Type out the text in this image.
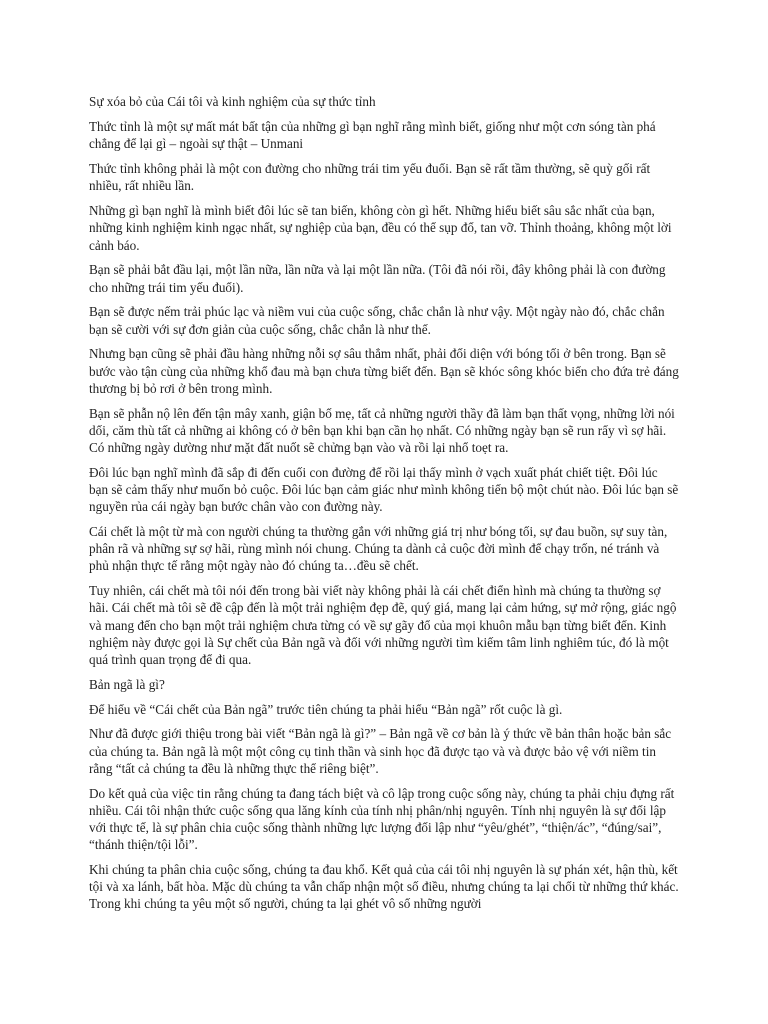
Sự xóa bỏ của Cái tôi và kinh nghiệm của sự thức tỉnh

Thức tỉnh là một sự mất mát bất tận của những gì bạn nghĩ rằng mình biết, giống như một cơn sóng tàn phá chẳng để lại gì – ngoài sự thật – Unmani

Thức tỉnh không phải là một con đường cho những trái tim yếu đuối. Bạn sẽ rất tầm thường, sẽ quỳ gối rất nhiều, rất nhiều lần.

Những gì bạn nghĩ là mình biết đôi lúc sẽ tan biến, không còn gì hết. Những hiểu biết sâu sắc nhất của bạn, những kinh nghiệm kinh ngạc nhất, sự nghiệp của bạn, đều có thể sụp đổ, tan vỡ. Thỉnh thoảng, không một lời cảnh báo.

Bạn sẽ phải bắt đầu lại, một lần nữa, lần nữa và lại một lần nữa. (Tôi đã nói rồi, đây không phải là con đường cho những trái tim yếu đuối).

Bạn sẽ được nếm trải phúc lạc và niềm vui của cuộc sống, chắc chắn là như vậy. Một ngày nào đó, chắc chắn bạn sẽ cười với sự đơn giản của cuộc sống, chắc chắn là như thế.

Nhưng bạn cũng sẽ phải đầu hàng những nỗi sợ sâu thẳm nhất, phải đối diện với bóng tối ở bên trong. Bạn sẽ bước vào tận cùng của những khổ đau mà bạn chưa từng biết đến. Bạn sẽ khóc sông khóc biển cho đứa trẻ đáng thương bị bỏ rơi ở bên trong mình.

Bạn sẽ phẫn nộ lên đến tận mây xanh, giận bố mẹ, tất cả những người thầy đã làm bạn thất vọng, những lời nói dối, căm thù tất cả những ai không có ở bên bạn khi bạn cần họ nhất. Có những ngày bạn sẽ run rẩy vì sợ hãi. Có những ngày dường như mặt đất nuốt sẽ chửng bạn vào và rồi lại nhổ toẹt ra.

Đôi lúc bạn nghĩ mình đã sắp đi đến cuối con đường để rồi lại thấy mình ở vạch xuất phát chiết tiệt. Đôi lúc bạn sẽ cảm thấy như muốn bỏ cuộc. Đôi lúc bạn cảm giác như mình không tiến bộ một chút nào. Đôi lúc bạn sẽ nguyền rủa cái ngày bạn bước chân vào con đường này.

Cái chết là một từ mà con người chúng ta thường gắn với những giá trị như bóng tối, sự đau buồn, sự suy tàn, phân rã và những sự sợ hãi, rùng mình nói chung. Chúng ta dành cả cuộc đời mình để chạy trốn, né tránh và phủ nhận thực tế rằng một ngày nào đó chúng ta…đều sẽ chết.

Tuy nhiên, cái chết mà tôi nói đến trong bài viết này không phải là cái chết điển hình mà chúng ta thường sợ hãi. Cái chết mà tôi sẽ đề cập đến là một trải nghiệm đẹp đẽ, quý giá, mang lại cảm hứng, sự mở rộng, giác ngộ và mang đến cho bạn một trải nghiệm chưa từng có về sự gãy đổ của mọi khuôn mẫu bạn từng biết đến. Kinh nghiệm này được gọi là Sự chết của Bản ngã và đối với những người tìm kiếm tâm linh nghiêm túc, đó là một quá trình quan trọng để đi qua.

Bản ngã là gì?

Để hiểu về “Cái chết của Bản ngã” trước tiên chúng ta phải hiểu “Bản ngã” rốt cuộc là gì.

Như đã được giới thiệu trong bài viết “Bản ngã là gì?” – Bản ngã về cơ bản là ý thức về bản thân hoặc bản sắc của chúng ta. Bản ngã là một một công cụ tinh thần và sinh học đã được tạo và và được bảo vệ với niềm tin rằng “tất cả chúng ta đều là những thực thể riêng biệt”.

Do kết quả của việc tin rằng chúng ta đang tách biệt và cô lập trong cuộc sống này, chúng ta phải chịu đựng rất nhiều. Cái tôi nhận thức cuộc sống qua lăng kính của tính nhị phân/nhị nguyên. Tính nhị nguyên là sự đối lập với thực tế, là sự phân chia cuộc sống thành những lực lượng đối lập như “yêu/ghét”, “thiện/ác”, “đúng/sai”, “thánh thiện/tội lỗi”.

Khi chúng ta phân chia cuộc sống, chúng ta đau khổ. Kết quả của cái tôi nhị nguyên là sự phán xét, hận thù, kết tội và xa lánh, bất hòa. Mặc dù chúng ta vẫn chấp nhận một số điều, nhưng chúng ta lại chối từ những thứ khác. Trong khi chúng ta yêu một số người, chúng ta lại ghét vô số những người
